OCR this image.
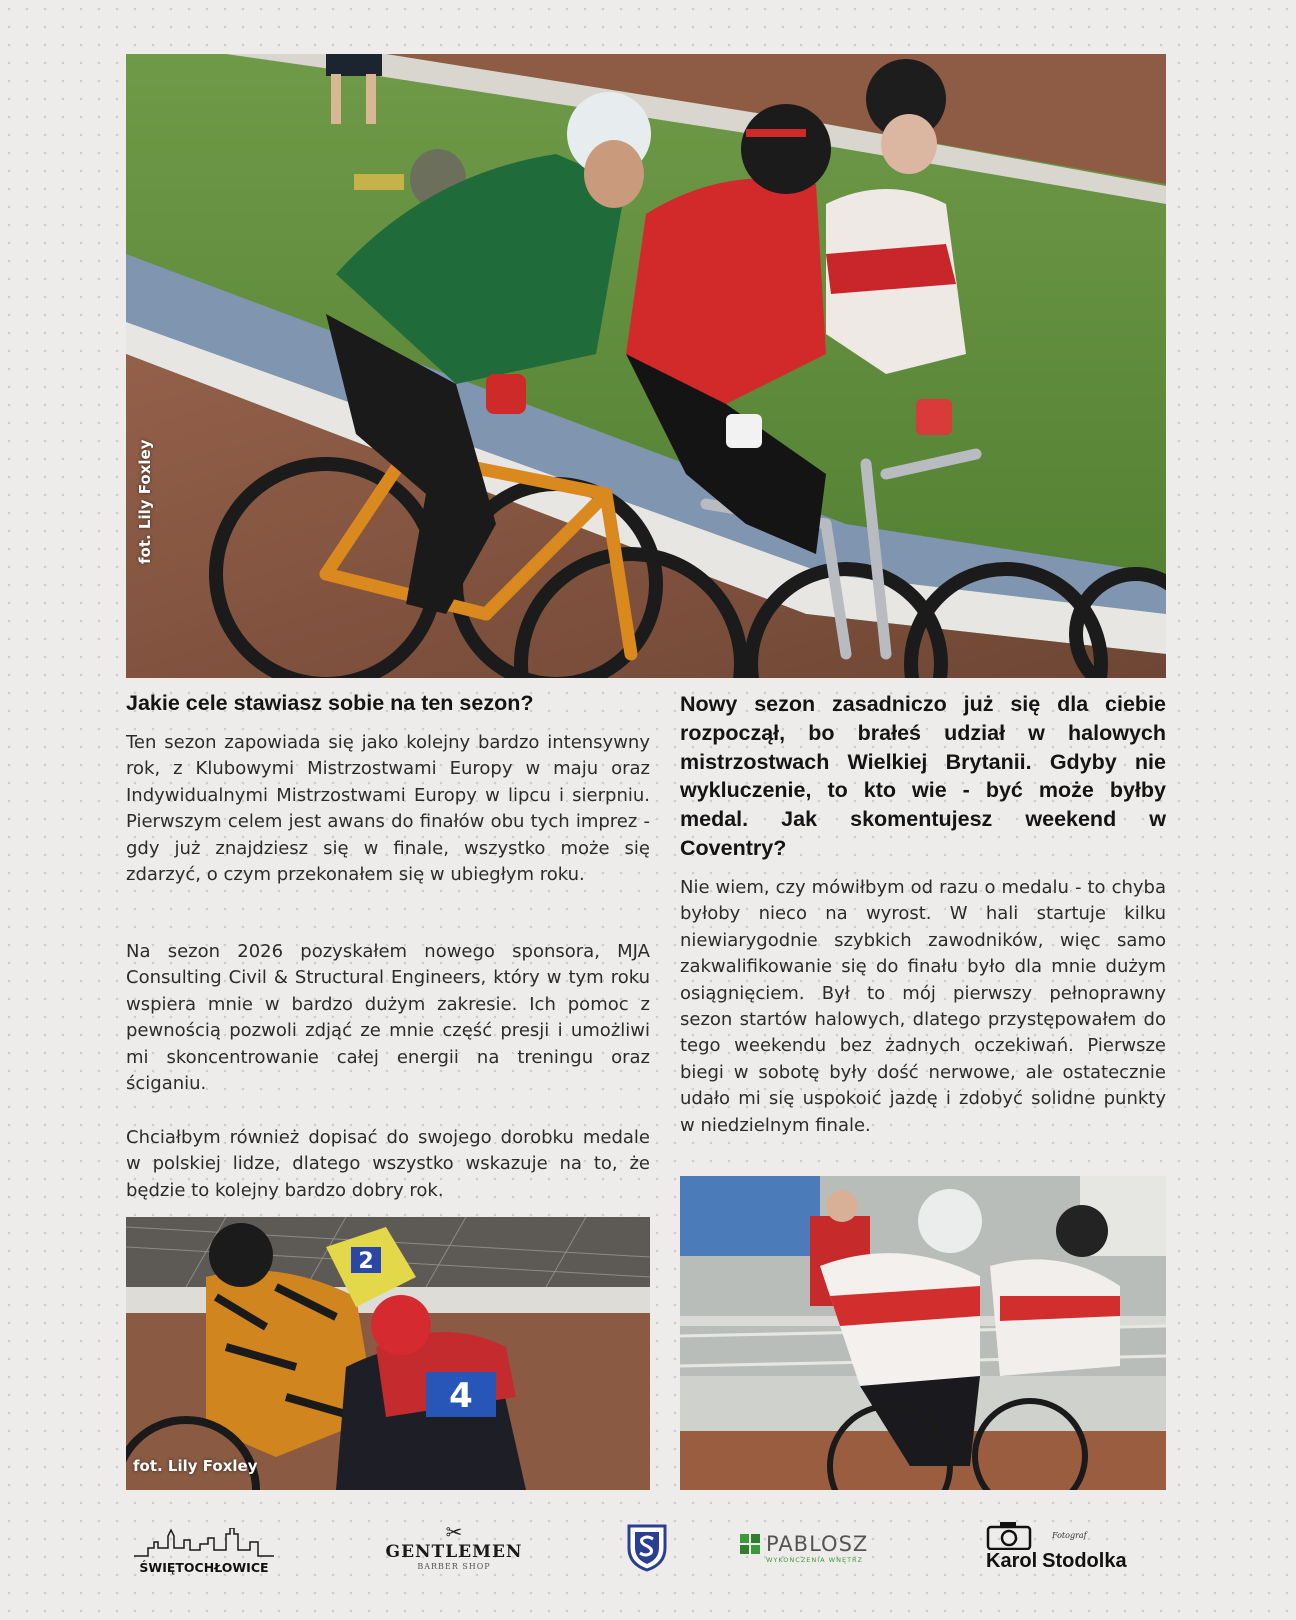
fot. Lily Foxley
Jakie cele stawiasz sobie na ten sezon?

Ten sezon zapowiada się jako kolejny bardzo intensywny rok, z Klubowymi Mistrzostwami Europy w maju oraz Indywidualnymi Mistrzostwami Europy w lipcu i sierpniu. Pierwszym celem jest awans do finałów obu tych imprez - gdy już znajdziesz się w finale, wszystko może się zdarzyć, o czym przekonałem się w ubiegłym roku.

Na sezon 2026 pozyskałem nowego sponsora, MJA Consulting Civil & Structural Engineers, który w tym roku wspiera mnie w bardzo dużym zakresie. Ich pomoc z pewnością pozwoli zdjąć ze mnie część presji i umożliwi mi skoncentrowanie całej energii na treningu oraz ściganiu.

Chciałbym również dopisać do swojego dorobku medale w polskiej lidze, dlatego wszystko wskazuje na to, że będzie to kolejny bardzo dobry rok.

Nowy sezon zasadniczo już się dla ciebie rozpoczął, bo brałeś udział w halowych mistrzostwach Wielkiej Brytanii. Gdyby nie wykluczenie, to kto wie - być może byłby medal. Jak skomentujesz weekend w Coventry?

Nie wiem, czy mówiłbym od razu o medalu - to chyba byłoby nieco na wyrost. W hali startuje kilku niewiarygodnie szybkich zawodników, więc samo zakwalifikowanie się do finału było dla mnie dużym osiągnięciem. Był to mój pierwszy pełnoprawny sezon startów halowych, dlatego przystępowałem do tego weekendu bez żadnych oczekiwań. Pierwsze biegi w sobotę były dość nerwowe, ale ostatecznie udało mi się uspokoić jazdę i zdobyć solidne punkty w niedzielnym finale.

2
4
fot. Lily Foxley
ŚWIĘTOCHŁOWICE
✂
GENTLEMEN
BARBER SHOP
PABLOSZ
WYKOŃCZENIA WNĘTRZ
Fotograf
Karol Stodolka
